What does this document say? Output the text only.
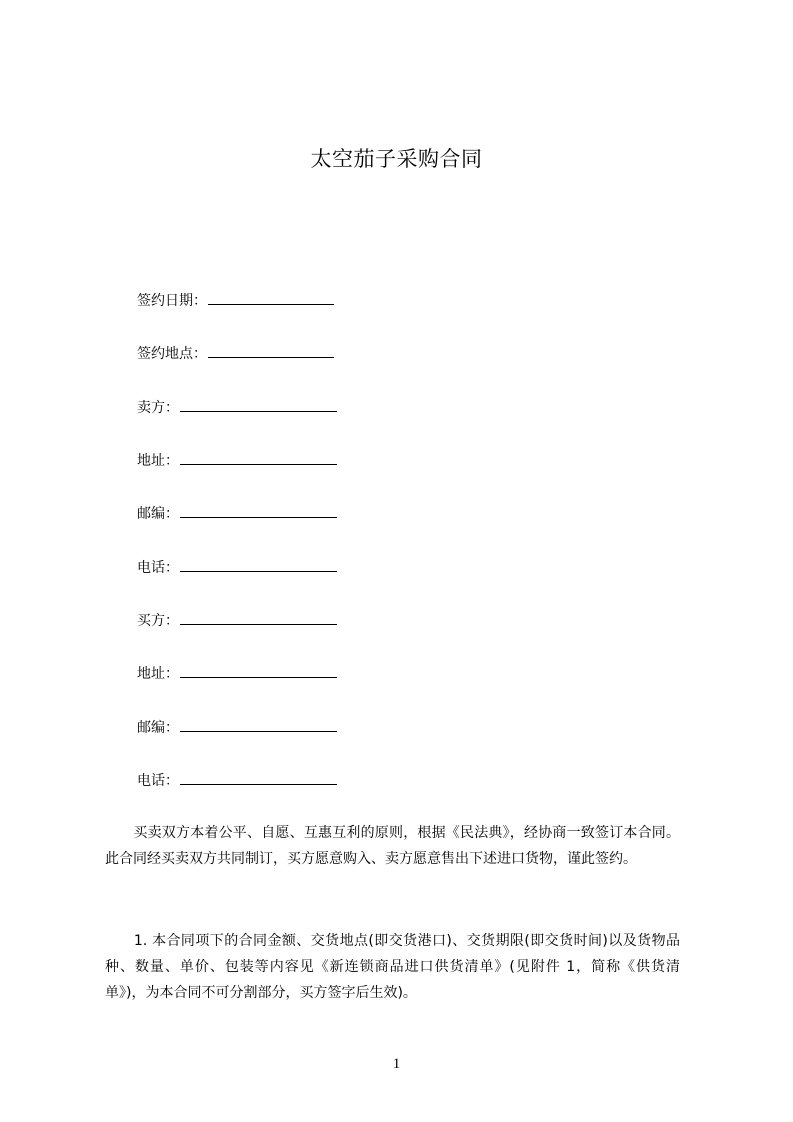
太空茄子采购合同
签约日期：
签约地点：
卖方：
地址：
邮编：
电话：
买方：
地址：
邮编：
电话：

　　买卖双方本着公平、自愿、互惠互利的原则，根据《民法典》，经协商一致签订本合同。此合同经买卖双方共同制订，买方愿意购入、卖方愿意售出下述进口货物，谨此签约。

　　1. 本合同项下的合同金额、交货地点(即交货港口)、交货期限(即交货时间)以及货物品种、数量、单价、包装等内容见《新连锁商品进口供货清单》(见附件 1，简称《供货清单》)，为本合同不可分割部分，买方签字后生效)。

1
